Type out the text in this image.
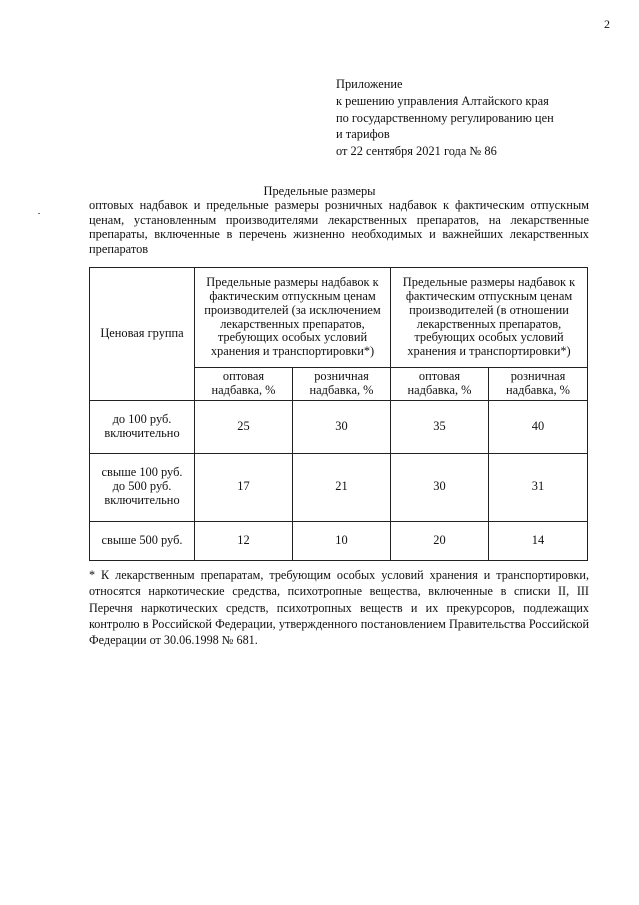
2
Приложение
к решению управления Алтайского края
по государственному регулированию цен
и тарифов
от 22 сентября 2021 года № 86
Предельные размеры
оптовых надбавок и предельные размеры розничных надбавок к фактическим отпускным ценам, установленным производителями лекарственных препаратов, на лекарственные препараты, включенные в перечень жизненно необходимых и важнейших лекарственных препаратов
Ценовая группа	Предельные размеры надбавок к фактическим отпускным ценам производителей (за исключением лекарственных препаратов, требующих особых условий хранения и транспортировки*)		Предельные размеры надбавок к фактическим отпускным ценам производителей (в отношении лекарственных препаратов, требующих особых условий хранения и транспортировки*)	

	оптовая надбавка, %	розничная надбавка, %	оптовая надбавка, %	розничная надбавка, %
до 100 руб. включительно	25	30	35	40
свыше 100 руб. до 500 руб. включительно	17	21	30	31
свыше 500 руб.	12	10	20	14
* К лекарственным препаратам, требующим особых условий хранения и транспортировки, относятся наркотические средства, психотропные вещества, включенные в списки II, III Перечня наркотических средств, психотропных веществ и их прекурсоров, подлежащих контролю в Российской Федерации, утвержденного постановлением Правительства Российской Федерации от 30.06.1998 № 681.
